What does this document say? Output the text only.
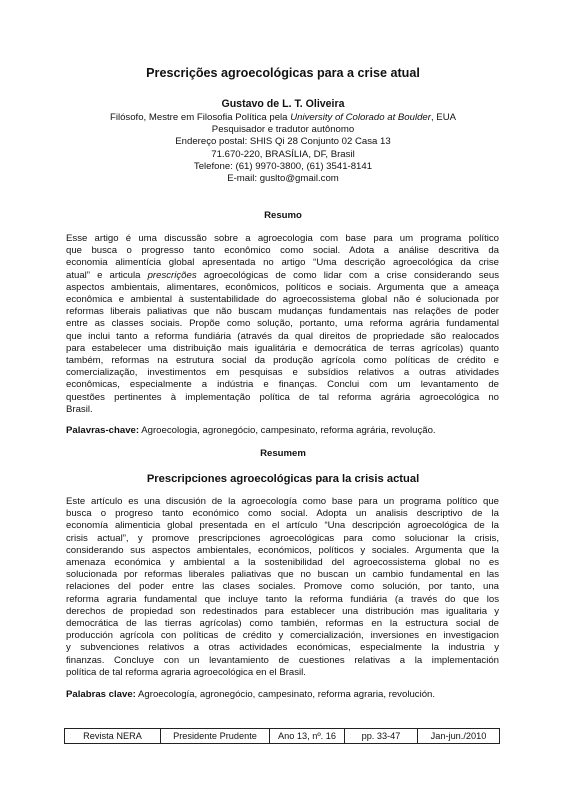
Prescrições agroecológicas para a crise atual
Gustavo de L. T. Oliveira
Filósofo, Mestre em Filosofia Política pela University of Colorado at Boulder, EUA
Pesquisador e tradutor autônomo
Endereço postal: SHIS Qi 28 Conjunto 02 Casa 13
71.670-220, BRASÍLIA, DF, Brasil
Telefone: (61) 9970-3800, (61) 3541-8141
E-mail: guslto@gmail.com
Resumo
Esse artigo é uma discussão sobre a agroecologia com base para um programa político
que busca o progresso tanto econômico como social. Adota a análise descritiva da
economia alimentícia global apresentada no artigo “Uma descrição agroecológica da crise
atual” e articula prescrições agroecológicas de como lidar com a crise considerando seus
aspectos ambientais, alimentares, econômicos, políticos e sociais. Argumenta que a ameaça
econômica e ambiental à sustentabilidade do agroecossistema global não é solucionada por
reformas liberais paliativas que não buscam mudanças fundamentais nas relações de poder
entre as classes sociais. Propõe como solução, portanto, uma reforma agrária fundamental
que inclui tanto a reforma fundiária (através da qual direitos de propriedade são realocados
para estabelecer uma distribuição mais igualitária e democrática de terras agrícolas) quanto
também, reformas na estrutura social da produção agrícola como políticas de crédito e
comercialização, investimentos em pesquisas e subsídios relativos a outras atividades
econômicas, especialmente a indústria e finanças. Conclui com um levantamento de
questões pertinentes à implementação política de tal reforma agrária agroecológica no
Brasil.
Palavras-chave: Agroecologia, agronegócio, campesinato, reforma agrária, revolução.
Resumem
Prescripciones agroecológicas para la crisis actual
Este artículo es una discusión de la agroecología como base para un programa político que
busca o progreso tanto económico como social. Adopta un analisis descriptivo de la
economía alimenticia global presentada en el artículo “Una descripción agroecológica de la
crisis actual”, y promove prescripciones agroecológicas para como solucionar la crisis,
considerando sus aspectos ambientales, económicos, políticos y sociales. Argumenta que la
amenaza económica y ambiental a la sostenibilidad del agroecossistema global no es
solucionada por reformas liberales paliativas que no buscan un cambio fundamental en las
relaciones del poder entre las clases sociales. Promove como solución, por tanto, una
reforma agraria fundamental que incluye tanto la reforma fundiária (a través do que los
derechos de propiedad son redestinados para establecer una distribución mas igualitaria y
democrática de las tierras agrícolas) como también, reformas en la estructura social de
producción agrícola con políticas de crédito y comercialización, inversiones en investigacion
y subvenciones relativos a otras actividades económicas, especialmente la industria y
finanzas. Concluye con un levantamiento de cuestiones relativas a la implementación
política de tal reforma agraria agroecológica en el Brasil.
Palabras clave: Agroecología, agronegócio, campesinato, reforma agraria, revolución.
Revista NERA	Presidente Prudente	Ano 13, nº. 16	pp. 33-47	Jan-jun./2010
